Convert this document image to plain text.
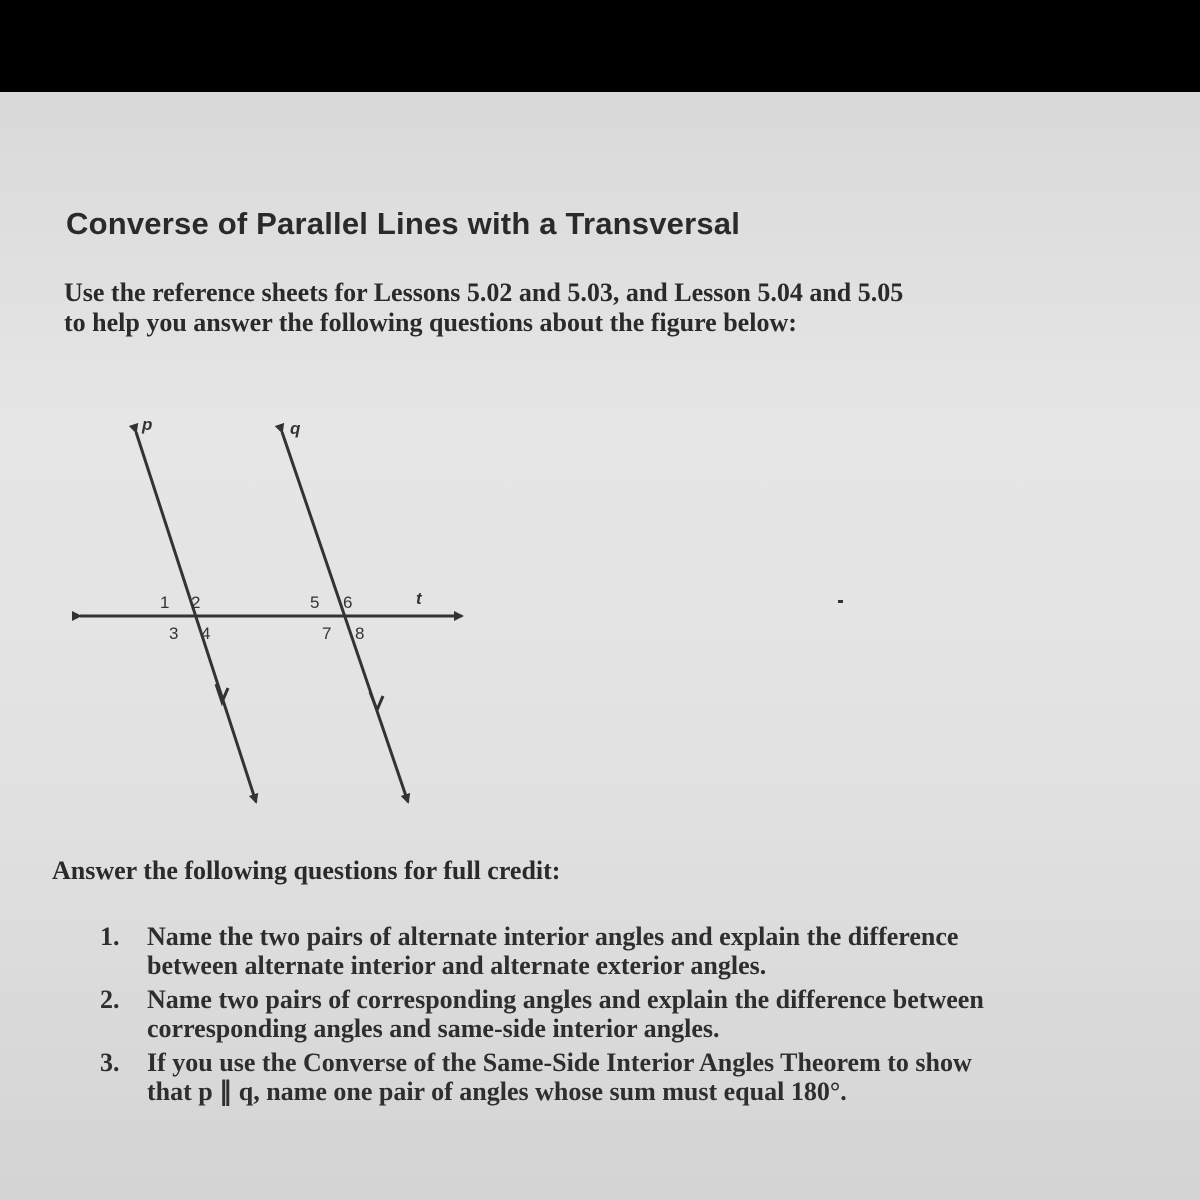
Converse of Parallel Lines with a Transversal
Use the reference sheets for Lessons 5.02 and 5.03, and Lesson 5.04 and 5.05
to help you answer the following questions about the figure below:
p	q
t
1 2
3 4
5 6
7 8
Answer the following questions for full credit:
1. Name the two pairs of alternate interior angles and explain the difference
between alternate interior and alternate exterior angles.
2. Name two pairs of corresponding angles and explain the difference between
corresponding angles and same-side interior angles.
3. If you use the Converse of the Same-Side Interior Angles Theorem to show
that p ∥ q, name one pair of angles whose sum must equal 180°.
